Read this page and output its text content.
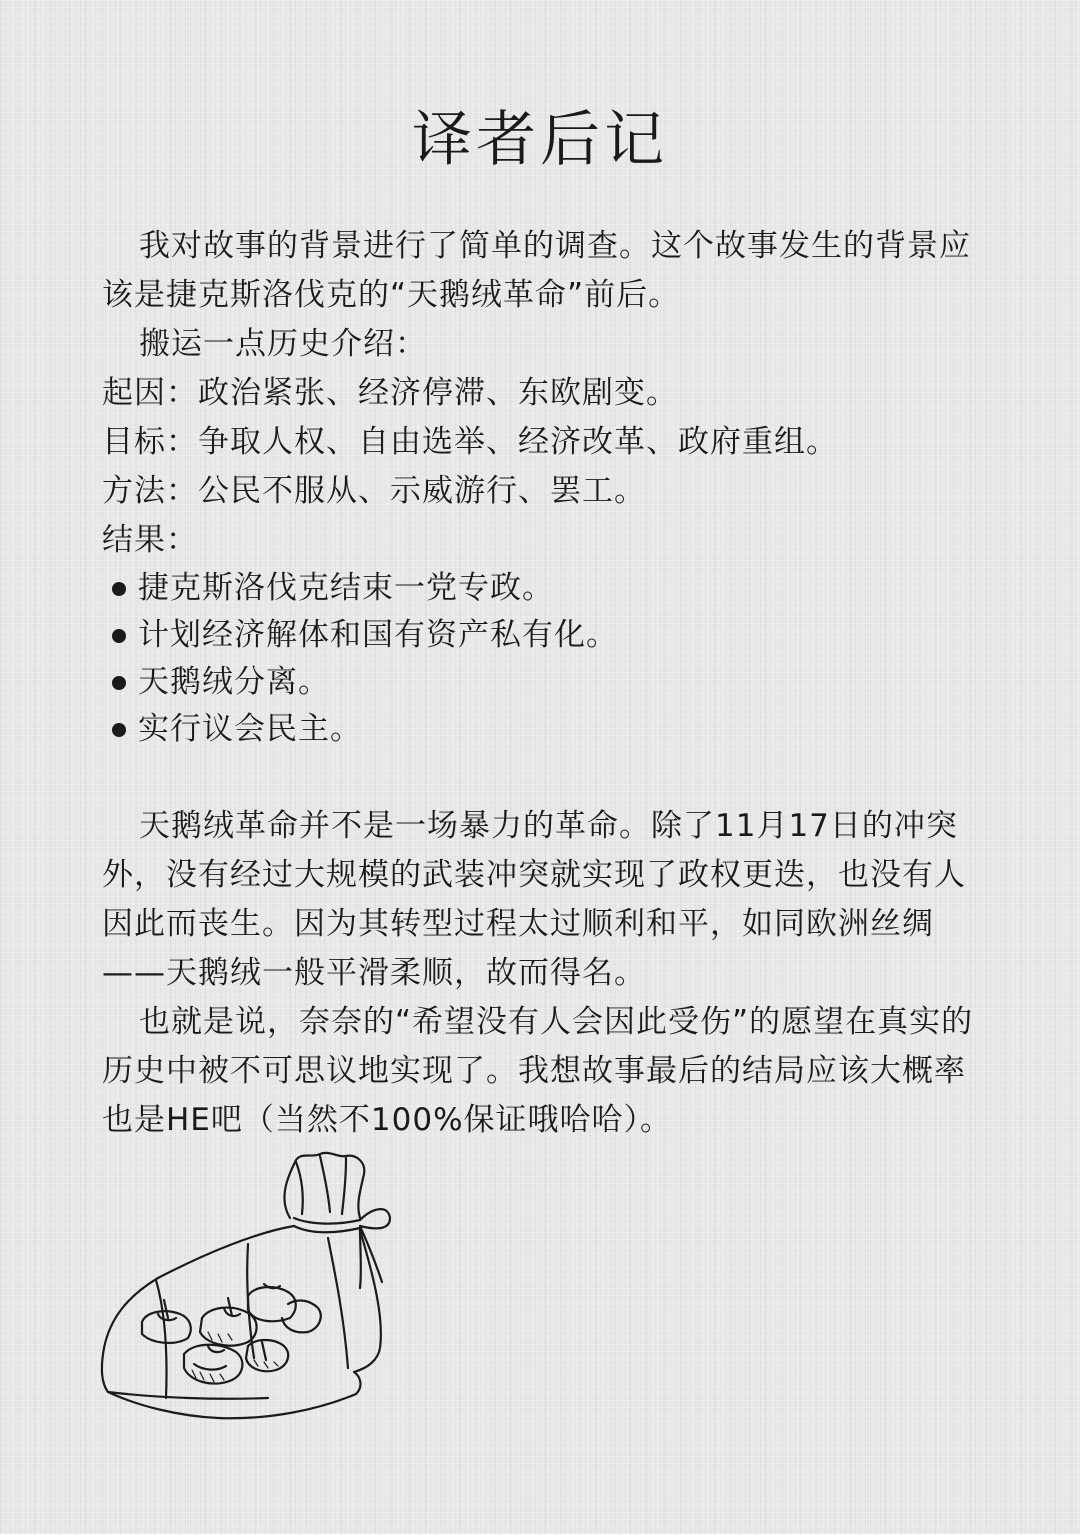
译者后记

我对故事的背景进行了简单的调查。这个故事发生的背景应该是捷克斯洛伐克的“天鹅绒革命”前后。

搬运一点历史介绍：

起因：政治紧张、经济停滞、东欧剧变。

目标：争取人权、自由选举、经济改革、政府重组。

方法：公民不服从、示威游行、罢工。

结果：

捷克斯洛伐克结束一党专政。
计划经济解体和国有资产私有化。
天鹅绒分离。
实行议会民主。

天鹅绒革命并不是一场暴力的革命。除了11月17日的冲突外，没有经过大规模的武装冲突就实现了政权更迭，也没有人因此而丧生。因为其转型过程太过顺利和平，如同欧洲丝绸——天鹅绒一般平滑柔顺，故而得名。

也就是说，奈奈的“希望没有人会因此受伤”的愿望在真实的历史中被不可思议地实现了。我想故事最后的结局应该大概率也是HE吧（当然不100%保证哦哈哈）。
